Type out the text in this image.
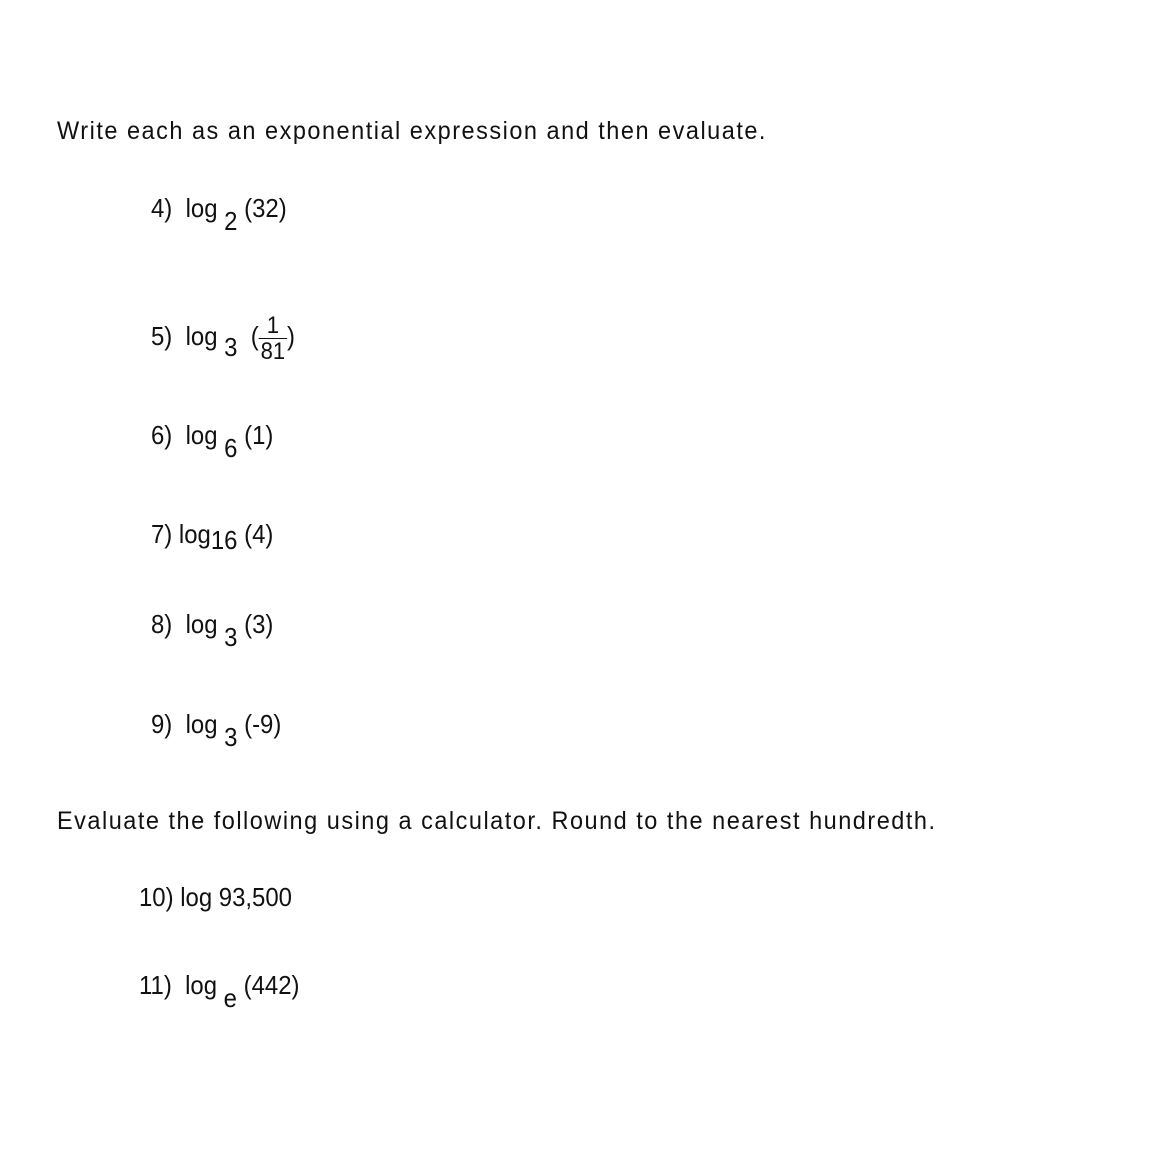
Write each as an exponential expression and then evaluate.
4) log 2 (32)
5) log 3 ( $\frac{1}{81}$ )
6) log 6 (1)
7) log16 (4)
8) log 3 (3)
9) log 3 (-9)
Evaluate the following using a calculator. Round to the nearest hundredth.
10) log 93,500
11) log e (442)
